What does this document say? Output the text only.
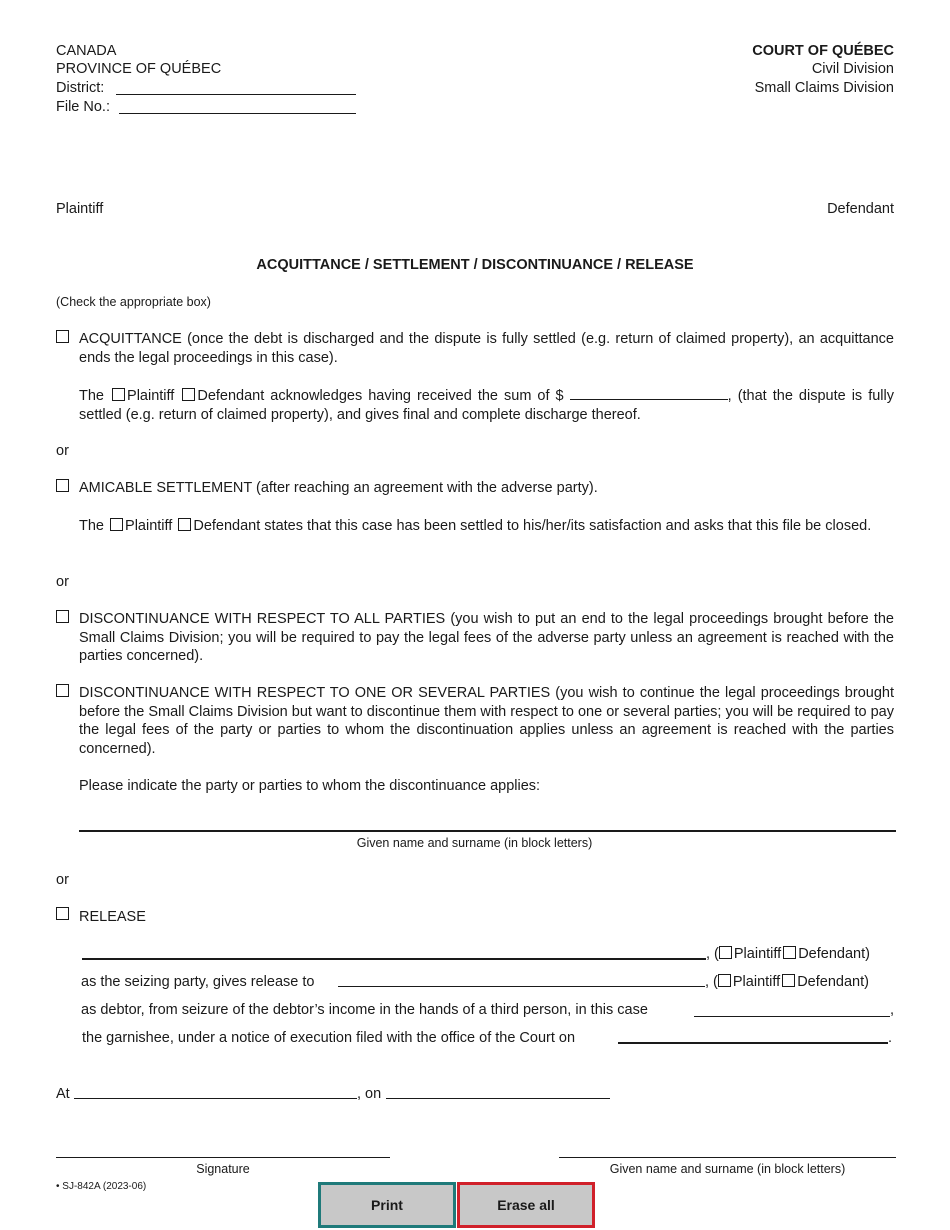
CANADA
PROVINCE OF QUÉBEC
District:
File No.:
COURT OF QUÉBEC
Civil Division
Small Claims Division
Plaintiff	Defendant
ACQUITTANCE / SETTLEMENT / DISCONTINUANCE / RELEASE
(Check the appropriate box)
ACQUITTANCE (once the debt is discharged and the dispute is fully settled (e.g. return of claimed property), an acquittance ends the legal proceedings in this case).
The Plaintiff Defendant acknowledges having received the sum of $	, (that the dispute is fully settled (e.g. return of claimed property), and gives final and complete discharge thereof.
or
AMICABLE SETTLEMENT (after reaching an agreement with the adverse party).
The Plaintiff Defendant states that this case has been settled to his/her/its satisfaction and asks that this file be closed.
or
DISCONTINUANCE WITH RESPECT TO ALL PARTIES (you wish to put an end to the legal proceedings brought before the Small Claims Division; you will be required to pay the legal fees of the adverse party unless an agreement is reached with the parties concerned).
DISCONTINUANCE WITH RESPECT TO ONE OR SEVERAL PARTIES (you wish to continue the legal proceedings brought before the Small Claims Division but want to discontinue them with respect to one or several parties; you will be required to pay the legal fees of the party or parties to whom the discontinuation applies unless an agreement is reached with the parties concerned).
Please indicate the party or parties to whom the discontinuance applies:
Given name and surname (in block letters)
or
RELEASE
, ( Plaintiff Defendant)
as the seizing party, gives release to	, ( Plaintiff Defendant)
as debtor, from seizure of the debtor’s income in the hands of a third person, in this case	,
the garnishee, under a notice of execution filed with the office of the Court on	.
At	, on
Signature	Given name and surname (in block letters)
• SJ-842A (2023-06)
Print	Erase all
